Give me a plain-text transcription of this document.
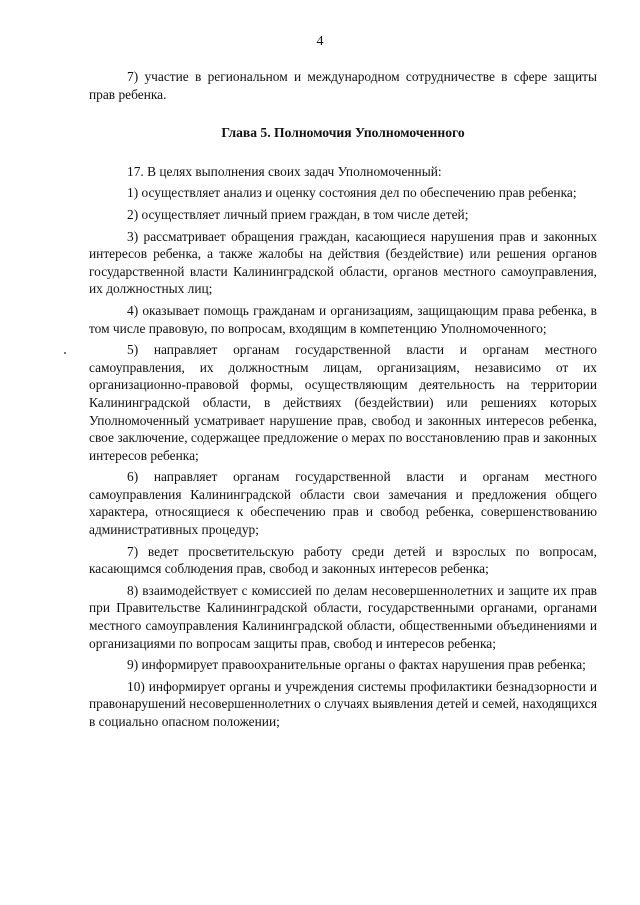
4

7) участие в региональном и международном сотрудничестве в сфере защиты прав ребенка.

Глава 5. Полномочия Уполномоченного

17. В целях выполнения своих задач Уполномоченный:

1) осуществляет анализ и оценку состояния дел по обеспечению прав ребенка;

2) осуществляет личный прием граждан, в том числе детей;

3) рассматривает обращения граждан, касающиеся нарушения прав и законных интересов ребенка, а также жалобы на действия (бездействие) или решения органов государственной власти Калининградской области, органов местного самоуправления, их должностных лиц;

4) оказывает помощь гражданам и организациям, защищающим права ребенка, в том числе правовую, по вопросам, входящим в компетенцию Уполномоченного;

5) направляет органам государственной власти и органам местного самоуправления, их должностным лицам, организациям, независимо от их организационно-правовой формы, осуществляющим деятельность на территории Калининградской области, в действиях (бездействии) или решениях которых Уполномоченный усматривает нарушение прав, свобод и законных интересов ребенка, свое заключение, содержащее предложение о мерах по восстановлению прав и законных интересов ребенка;

6) направляет органам государственной власти и органам местного самоуправления Калининградской области свои замечания и предложения общего характера, относящиеся к обеспечению прав и свобод ребенка, совершенствованию административных процедур;

7) ведет просветительскую работу среди детей и взрослых по вопросам, касающимся соблюдения прав, свобод и законных интересов ребенка;

8) взаимодействует с комиссией по делам несовершеннолетних и защите их прав при Правительстве Калининградской области, государственными органами, органами местного самоуправления Калининградской области, общественными объединениями и организациями по вопросам защиты прав, свобод и интересов ребенка;

9) информирует правоохранительные органы о фактах нарушения прав ребенка;

10) информирует органы и учреждения системы профилактики безнадзорности и правонарушений несовершеннолетних о случаях выявления детей и семей, находящихся в социально опасном положении;
